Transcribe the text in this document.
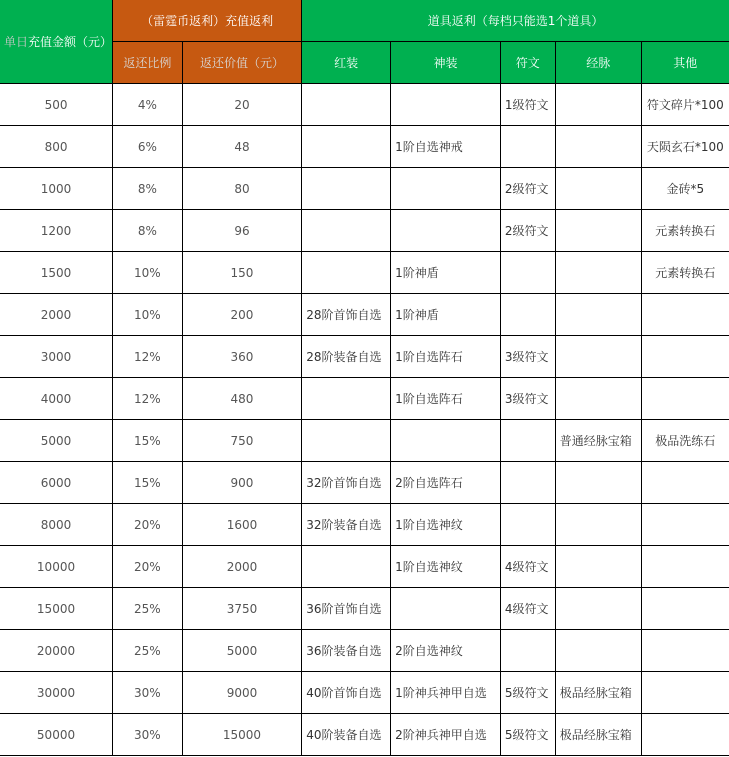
单日充值金额（元）	（雷霆币返利）充值返利		道具返利（每档只能选1个道具）				
	返还比例	返还价值（元）	红装	神装	符文	经脉	其他
500	4%	20			1级符文		符文碎片*100
800	6%	48		1阶自选神戒			天陨玄石*100
1000	8%	80			2级符文		金砖*5
1200	8%	96			2级符文		元素转换石
1500	10%	150		1阶神盾			元素转换石
2000	10%	200	28阶首饰自选	1阶神盾			
3000	12%	360	28阶装备自选	1阶自选阵石	3级符文		
4000	12%	480		1阶自选阵石	3级符文		
5000	15%	750				普通经脉宝箱	极品洗练石
6000	15%	900	32阶首饰自选	2阶自选阵石			
8000	20%	1600	32阶装备自选	1阶自选神纹			
10000	20%	2000		1阶自选神纹	4级符文		
15000	25%	3750	36阶首饰自选		4级符文		
20000	25%	5000	36阶装备自选	2阶自选神纹			
30000	30%	9000	40阶首饰自选	1阶神兵神甲自选	5级符文	极品经脉宝箱	
50000	30%	15000	40阶装备自选	2阶神兵神甲自选	5级符文	极品经脉宝箱	
